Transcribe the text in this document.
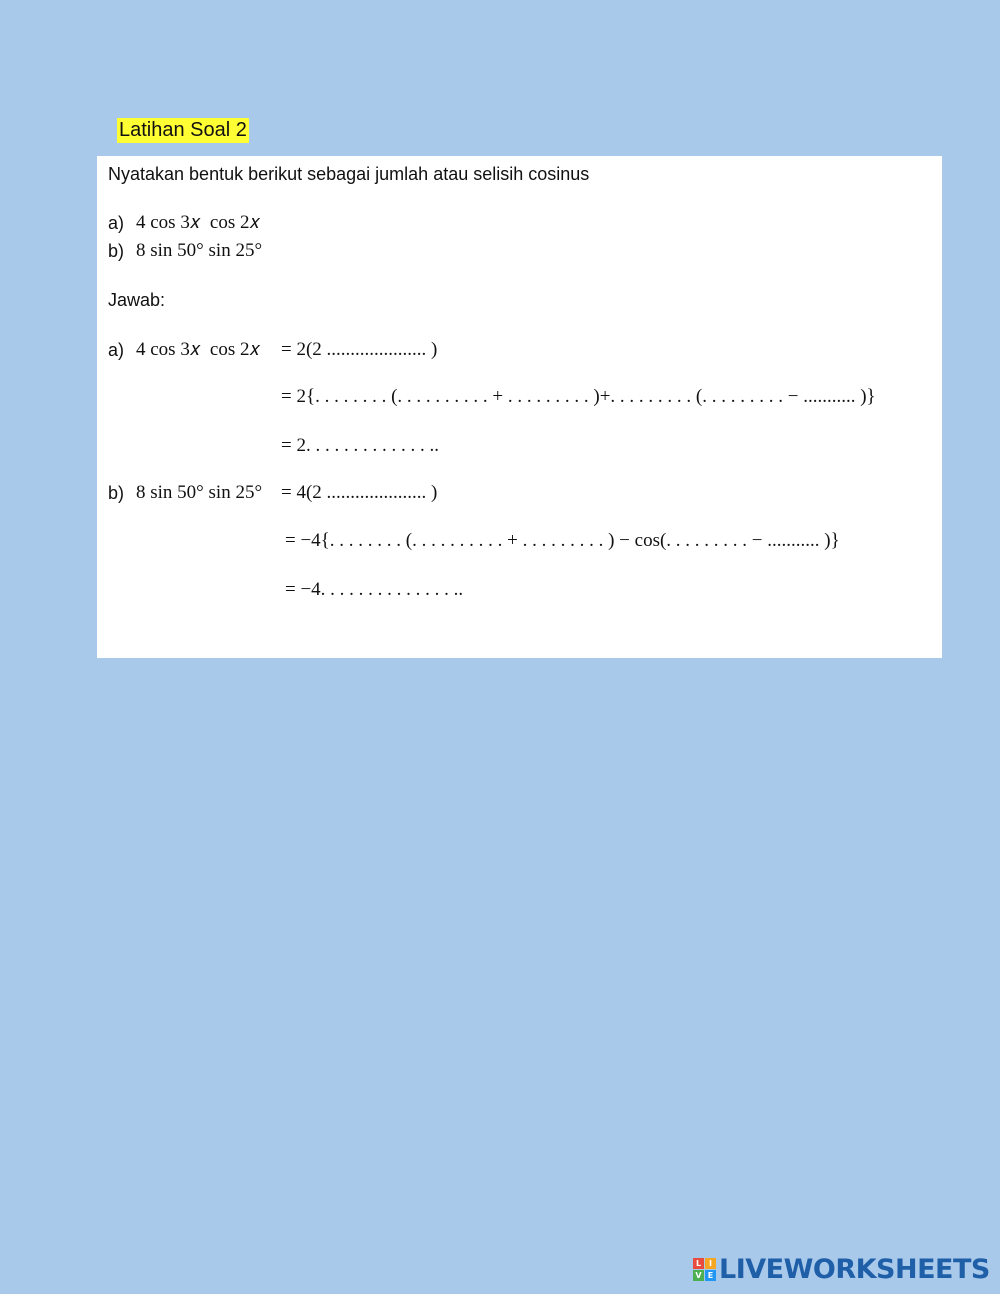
Latihan Soal 2
Nyatakan bentuk berikut sebagai jumlah atau selisih cosinus
a) 4 cos 3𝑥  cos 2𝑥
b) 8 sin 50° sin 25°
Jawab:
a) 4 cos 3𝑥  cos 2𝑥 = 2(2 ..................... )
= 2{. . . . . . . . (. . . . . . . . . . + . . . . . . . . . )+. . . . . . . . . (. . . . . . . . . − ........... )}
= 2. . . . . . . . . . . . . ..
b) 8 sin 50° sin 25° = 4(2 ..................... )
= −4{. . . . . . . . (. . . . . . . . . . + . . . . . . . . . ) − cos(. . . . . . . . . − ........... )}
= −4. . . . . . . . . . . . . . ..
L I
V E LIVEWORKSHEETS
